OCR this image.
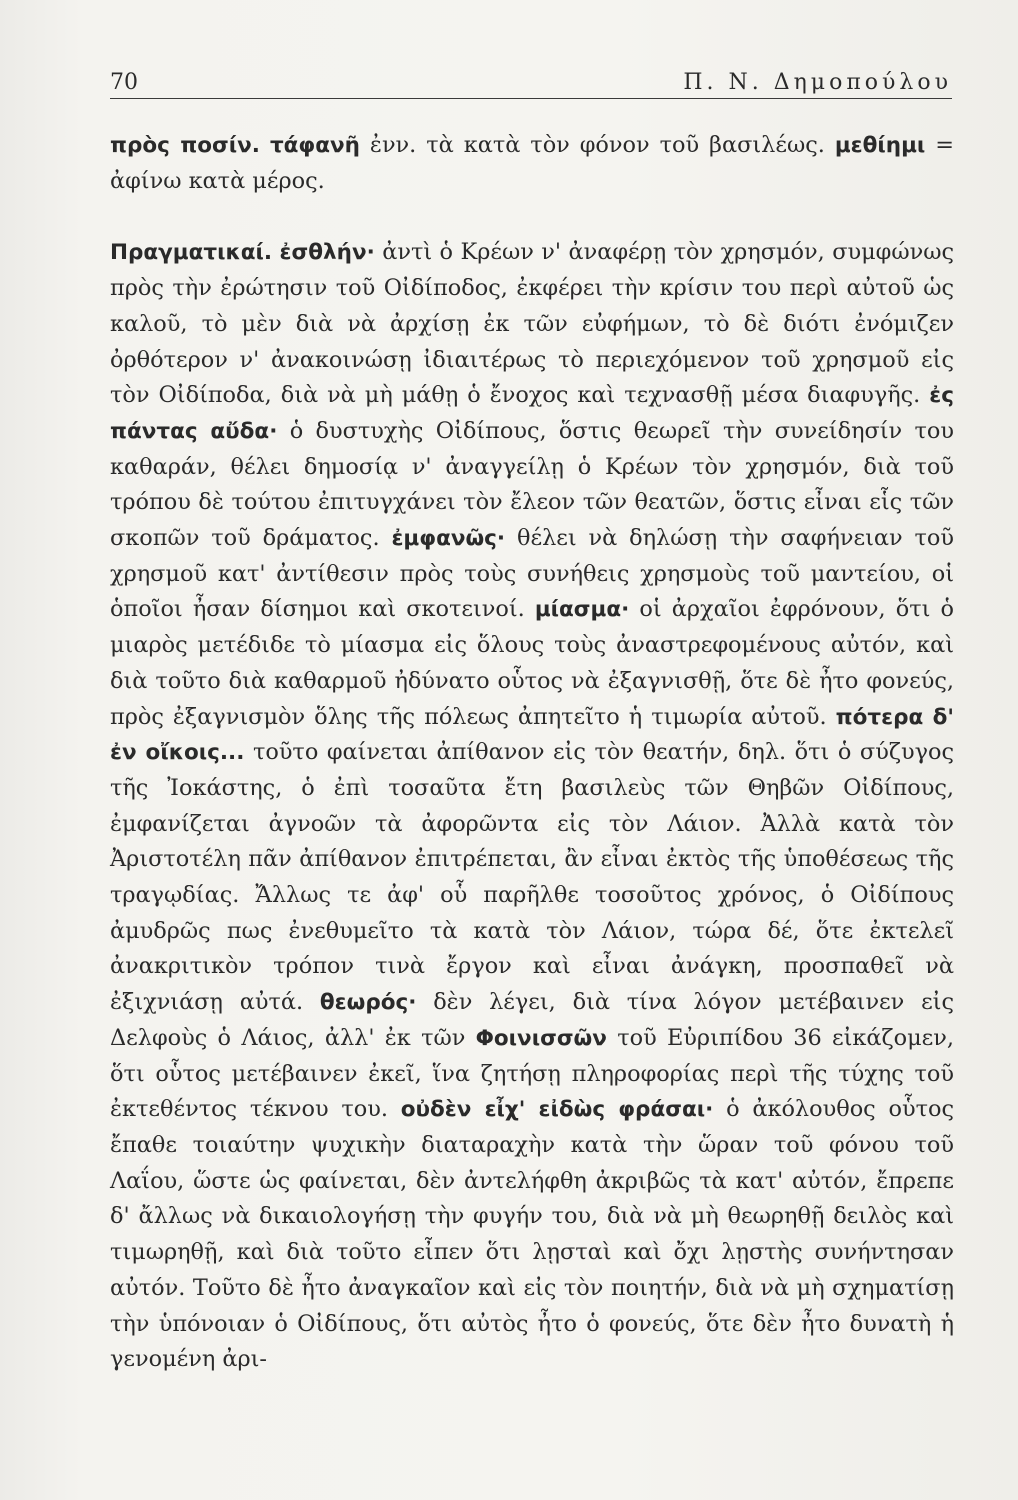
70	Π. Ν. Δημοπούλου

πρὸς ποσίν. τάφανῆ ἐνν. τὰ κατὰ τὸν φόνον τοῦ βασιλέως. μεθίημι = ἀφίνω κατὰ μέρος.

Πραγματικαί. ἐσθλήν· ἀντὶ ὁ Κρέων ν' ἀναφέρῃ τὸν χρησμόν, συμφώνως πρὸς τὴν ἐρώτησιν τοῦ Οἰδίποδος, ἐκφέρει τὴν κρίσιν του περὶ αὐτοῦ ὡς καλοῦ, τὸ μὲν διὰ νὰ ἀρχίσῃ ἐκ τῶν εὐφήμων, τὸ δὲ διότι ἐνόμιζεν ὀρθότερον ν' ἀνακοινώσῃ ἰδιαιτέρως τὸ περιεχόμενον τοῦ χρησμοῦ εἰς τὸν Οἰδίποδα, διὰ νὰ μὴ μάθῃ ὁ ἔνοχος καὶ τεχνασθῇ μέσα διαφυγῆς. ἐς πάντας αὔδα· ὁ δυστυχὴς Οἰδίπους, ὅστις θεωρεῖ τὴν συνείδησίν του καθαράν, θέλει δημοσίᾳ ν' ἀναγγείλῃ ὁ Κρέων τὸν χρησμόν, διὰ τοῦ τρόπου δὲ τούτου ἐπιτυγχάνει τὸν ἔλεον τῶν θεατῶν, ὅστις εἶναι εἷς τῶν σκοπῶν τοῦ δράματος. ἐμφανῶς· θέλει νὰ δηλώσῃ τὴν σαφήνειαν τοῦ χρησμοῦ κατ' ἀντίθεσιν πρὸς τοὺς συνήθεις χρησμοὺς τοῦ μαντείου, οἱ ὁποῖοι ἦσαν δίσημοι καὶ σκοτεινοί. μίασμα· οἱ ἀρχαῖοι ἐφρόνουν, ὅτι ὁ μιαρὸς μετέδιδε τὸ μίασμα εἰς ὅλους τοὺς ἀναστρεφομένους αὐτόν, καὶ διὰ τοῦτο διὰ καθαρμοῦ ἠδύνατο οὗτος νὰ ἐξαγνισθῇ, ὅτε δὲ ἦτο φονεύς, πρὸς ἐξαγνισμὸν ὅλης τῆς πόλεως ἀπητεῖτο ἡ τιμωρία αὐτοῦ. πότερα δ' ἐν οἴκοις... τοῦτο φαίνεται ἀπίθανον εἰς τὸν θεατήν, δηλ. ὅτι ὁ σύζυγος τῆς Ἰοκάστης, ὁ ἐπὶ τοσαῦτα ἔτη βασιλεὺς τῶν Θηβῶν Οἰδίπους, ἐμφανίζεται ἀγνοῶν τὰ ἀφορῶντα εἰς τὸν Λάιον. Ἀλλὰ κατὰ τὸν Ἀριστοτέλη πᾶν ἀπίθανον ἐπιτρέπεται, ἂν εἶναι ἐκτὸς τῆς ὑποθέσεως τῆς τραγῳδίας. Ἄλλως τε ἀφ' οὗ παρῆλθε τοσοῦτος χρόνος, ὁ Οἰδίπους ἀμυδρῶς πως ἐνεθυμεῖτο τὰ κατὰ τὸν Λάιον, τώρα δέ, ὅτε ἐκτελεῖ ἀνακριτικὸν τρόπον τινὰ ἔργον καὶ εἶναι ἀνάγκη, προσπαθεῖ νὰ ἐξιχνιάσῃ αὐτά. θεωρός· δὲν λέγει, διὰ τίνα λόγον μετέβαινεν εἰς Δελφοὺς ὁ Λάιος, ἀλλ' ἐκ τῶν Φοινισσῶν τοῦ Εὐριπίδου 36 εἰκάζομεν, ὅτι οὗτος μετέβαινεν ἐκεῖ, ἵνα ζητήσῃ πληροφορίας περὶ τῆς τύχης τοῦ ἐκτεθέντος τέκνου του. οὐδὲν εἶχ' εἰδὼς φράσαι· ὁ ἀκόλουθος οὗτος ἔπαθε τοιαύτην ψυχικὴν διαταραχὴν κατὰ τὴν ὥραν τοῦ φόνου τοῦ Λαΐου, ὥστε ὡς φαίνεται, δὲν ἀντελήφθη ἀκριβῶς τὰ κατ' αὐτόν, ἔπρεπε δ' ἄλλως νὰ δικαιολογήσῃ τὴν φυγήν του, διὰ νὰ μὴ θεωρηθῇ δειλὸς καὶ τιμωρηθῇ, καὶ διὰ τοῦτο εἶπεν ὅτι λῃσταὶ καὶ ὄχι λῃστὴς συνήντησαν αὐτόν. Τοῦτο δὲ ἦτο ἀναγκαῖον καὶ εἰς τὸν ποιητήν, διὰ νὰ μὴ σχηματίσῃ τὴν ὑπόνοιαν ὁ Οἰδίπους, ὅτι αὐτὸς ἦτο ὁ φονεύς, ὅτε δὲν ἦτο δυνατὴ ἡ γενομένη ἀρι-
